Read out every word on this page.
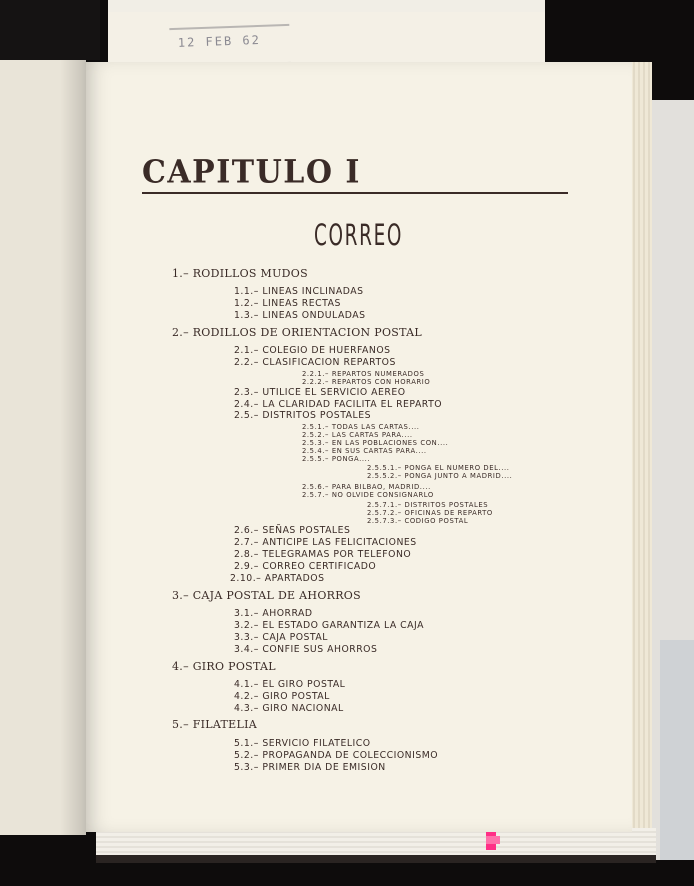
12 FEB 62
CAPITULO I
CORREO
1.– RODILLOS MUDOS
1.1.– LINEAS INCLINADAS
1.2.– LINEAS RECTAS
1.3.– LINEAS ONDULADAS
2.– RODILLOS DE ORIENTACION POSTAL
2.1.– COLEGIO DE HUERFANOS
2.2.– CLASIFICACION REPARTOS
2.2.1.– REPARTOS NUMERADOS
2.2.2.– REPARTOS CON HORARIO
2.3.– UTILICE EL SERVICIO AEREO
2.4.– LA CLARIDAD FACILITA EL REPARTO
2.5.– DISTRITOS POSTALES
2.5.1.– TODAS LAS CARTAS....
2.5.2.– LAS CARTAS PARA....
2.5.3.– EN LAS POBLACIONES CON....
2.5.4.– EN SUS CARTAS PARA....
2.5.5.– PONGA....
2.5.5.1.– PONGA EL NUMERO DEL....
2.5.5.2.– PONGA JUNTO A MADRID....
2.5.6.– PARA BILBAO, MADRID....
2.5.7.– NO OLVIDE CONSIGNARLO
2.5.7.1.– DISTRITOS POSTALES
2.5.7.2.– OFICINAS DE REPARTO
2.5.7.3.– CODIGO POSTAL
2.6.– SEÑAS POSTALES
2.7.– ANTICIPE LAS FELICITACIONES
2.8.– TELEGRAMAS POR TELEFONO
2.9.– CORREO CERTIFICADO
2.10.– APARTADOS
3.– CAJA POSTAL DE AHORROS
3.1.– AHORRAD
3.2.– EL ESTADO GARANTIZA LA CAJA
3.3.– CAJA POSTAL
3.4.– CONFIE SUS AHORROS
4.– GIRO POSTAL
4.1.– EL GIRO POSTAL
4.2.– GIRO POSTAL
4.3.– GIRO NACIONAL
5.– FILATELIA
5.1.– SERVICIO FILATELICO
5.2.– PROPAGANDA DE COLECCIONISMO
5.3.– PRIMER DIA DE EMISION
